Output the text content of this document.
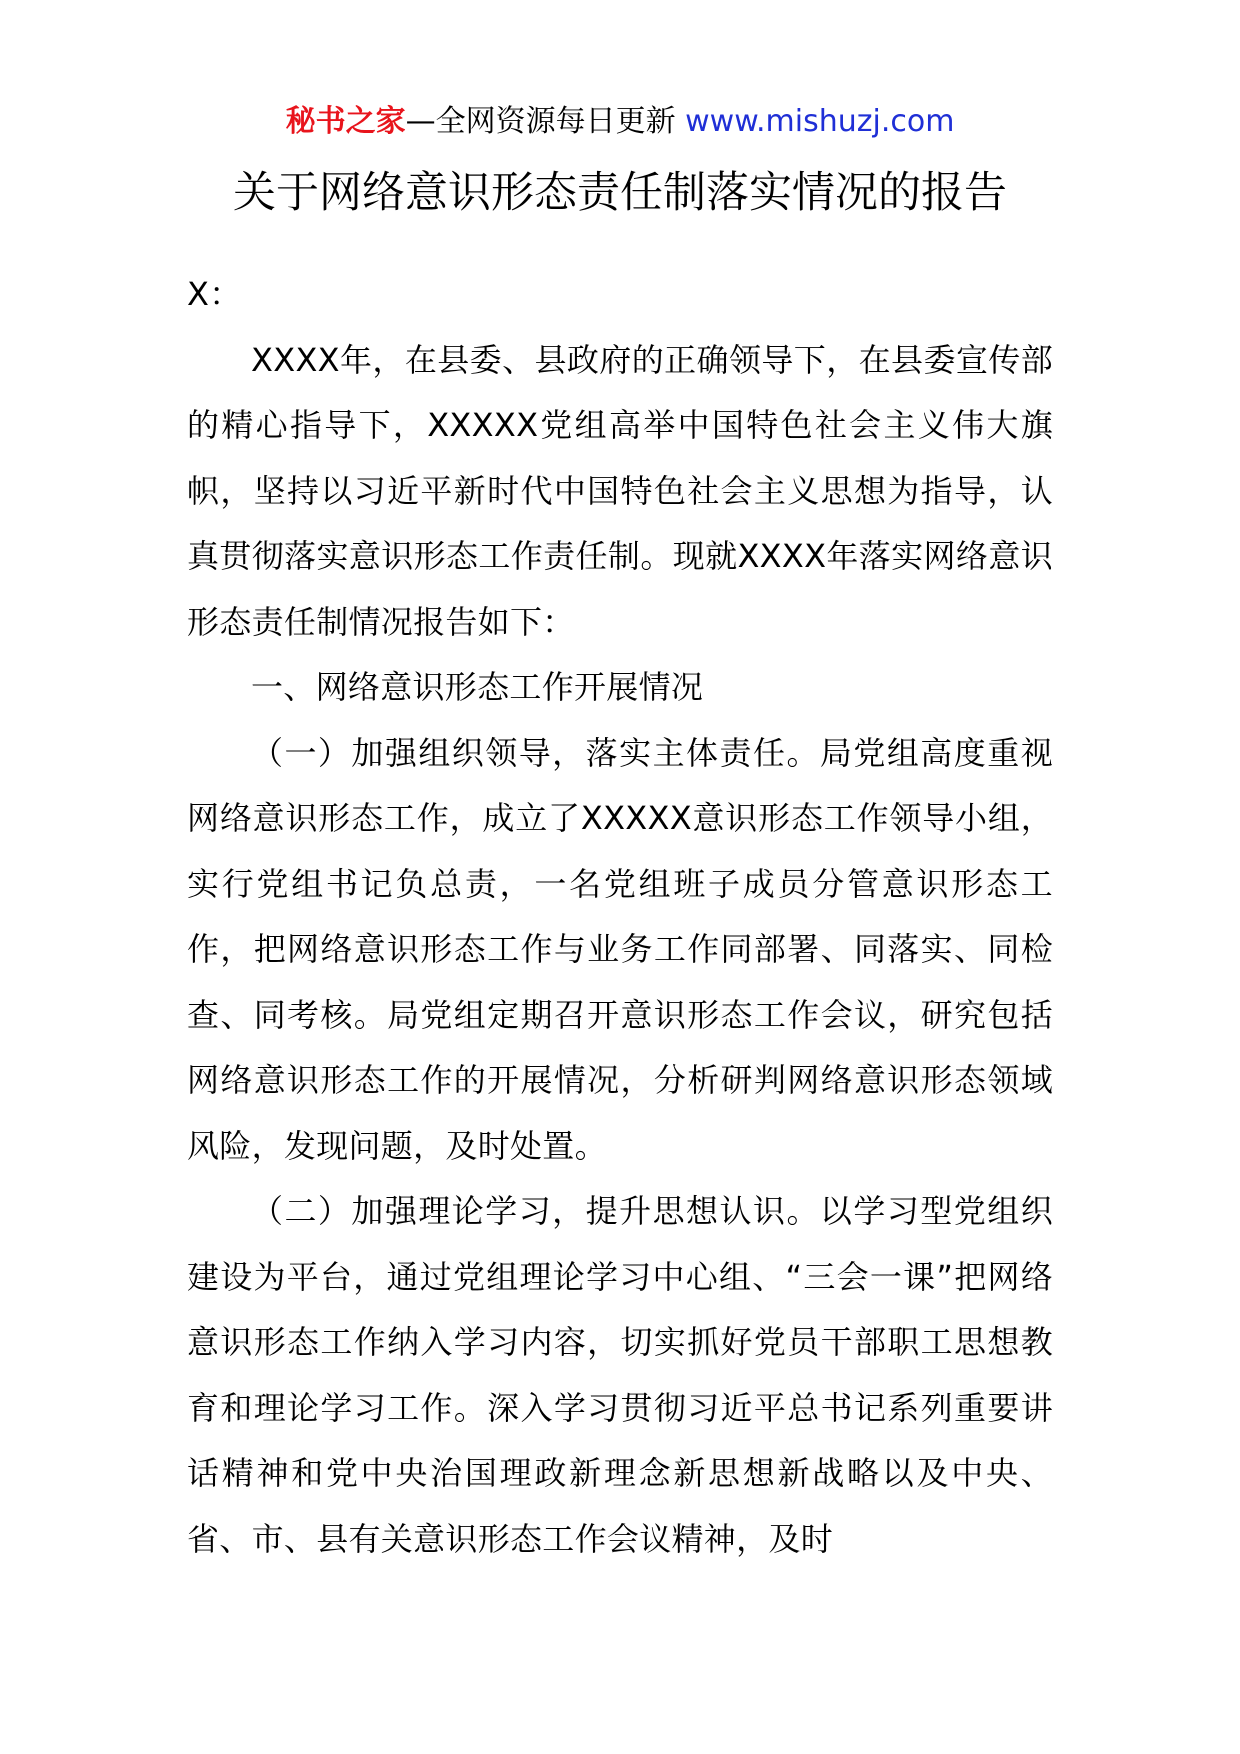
秘书之家—全网资源每日更新 www.mishuzj.com
关于网络意识形态责任制落实情况的报告

X：

XXXX年，在县委、县政府的正确领导下，在县委宣传部的精心指导下，XXXXX党组高举中国特色社会主义伟大旗帜，坚持以习近平新时代中国特色社会主义思想为指导，认真贯彻落实意识形态工作责任制。现就XXXX年落实网络意识形态责任制情况报告如下：

一、网络意识形态工作开展情况

（一）加强组织领导，落实主体责任。局党组高度重视网络意识形态工作，成立了XXXXX意识形态工作领导小组，实行党组书记负总责，一名党组班子成员分管意识形态工作，把网络意识形态工作与业务工作同部署、同落实、同检查、同考核。局党组定期召开意识形态工作会议，研究包括网络意识形态工作的开展情况，分析研判网络意识形态领域风险，发现问题，及时处置。

（二）加强理论学习，提升思想认识。以学习型党组织建设为平台，通过党组理论学习中心组、“三会一课”把网络意识形态工作纳入学习内容，切实抓好党员干部职工思想教育和理论学习工作。深入学习贯彻习近平总书记系列重要讲话精神和党中央治国理政新理念新思想新战略以及中央、省、市、县有关意识形态工作会议精神，及时
